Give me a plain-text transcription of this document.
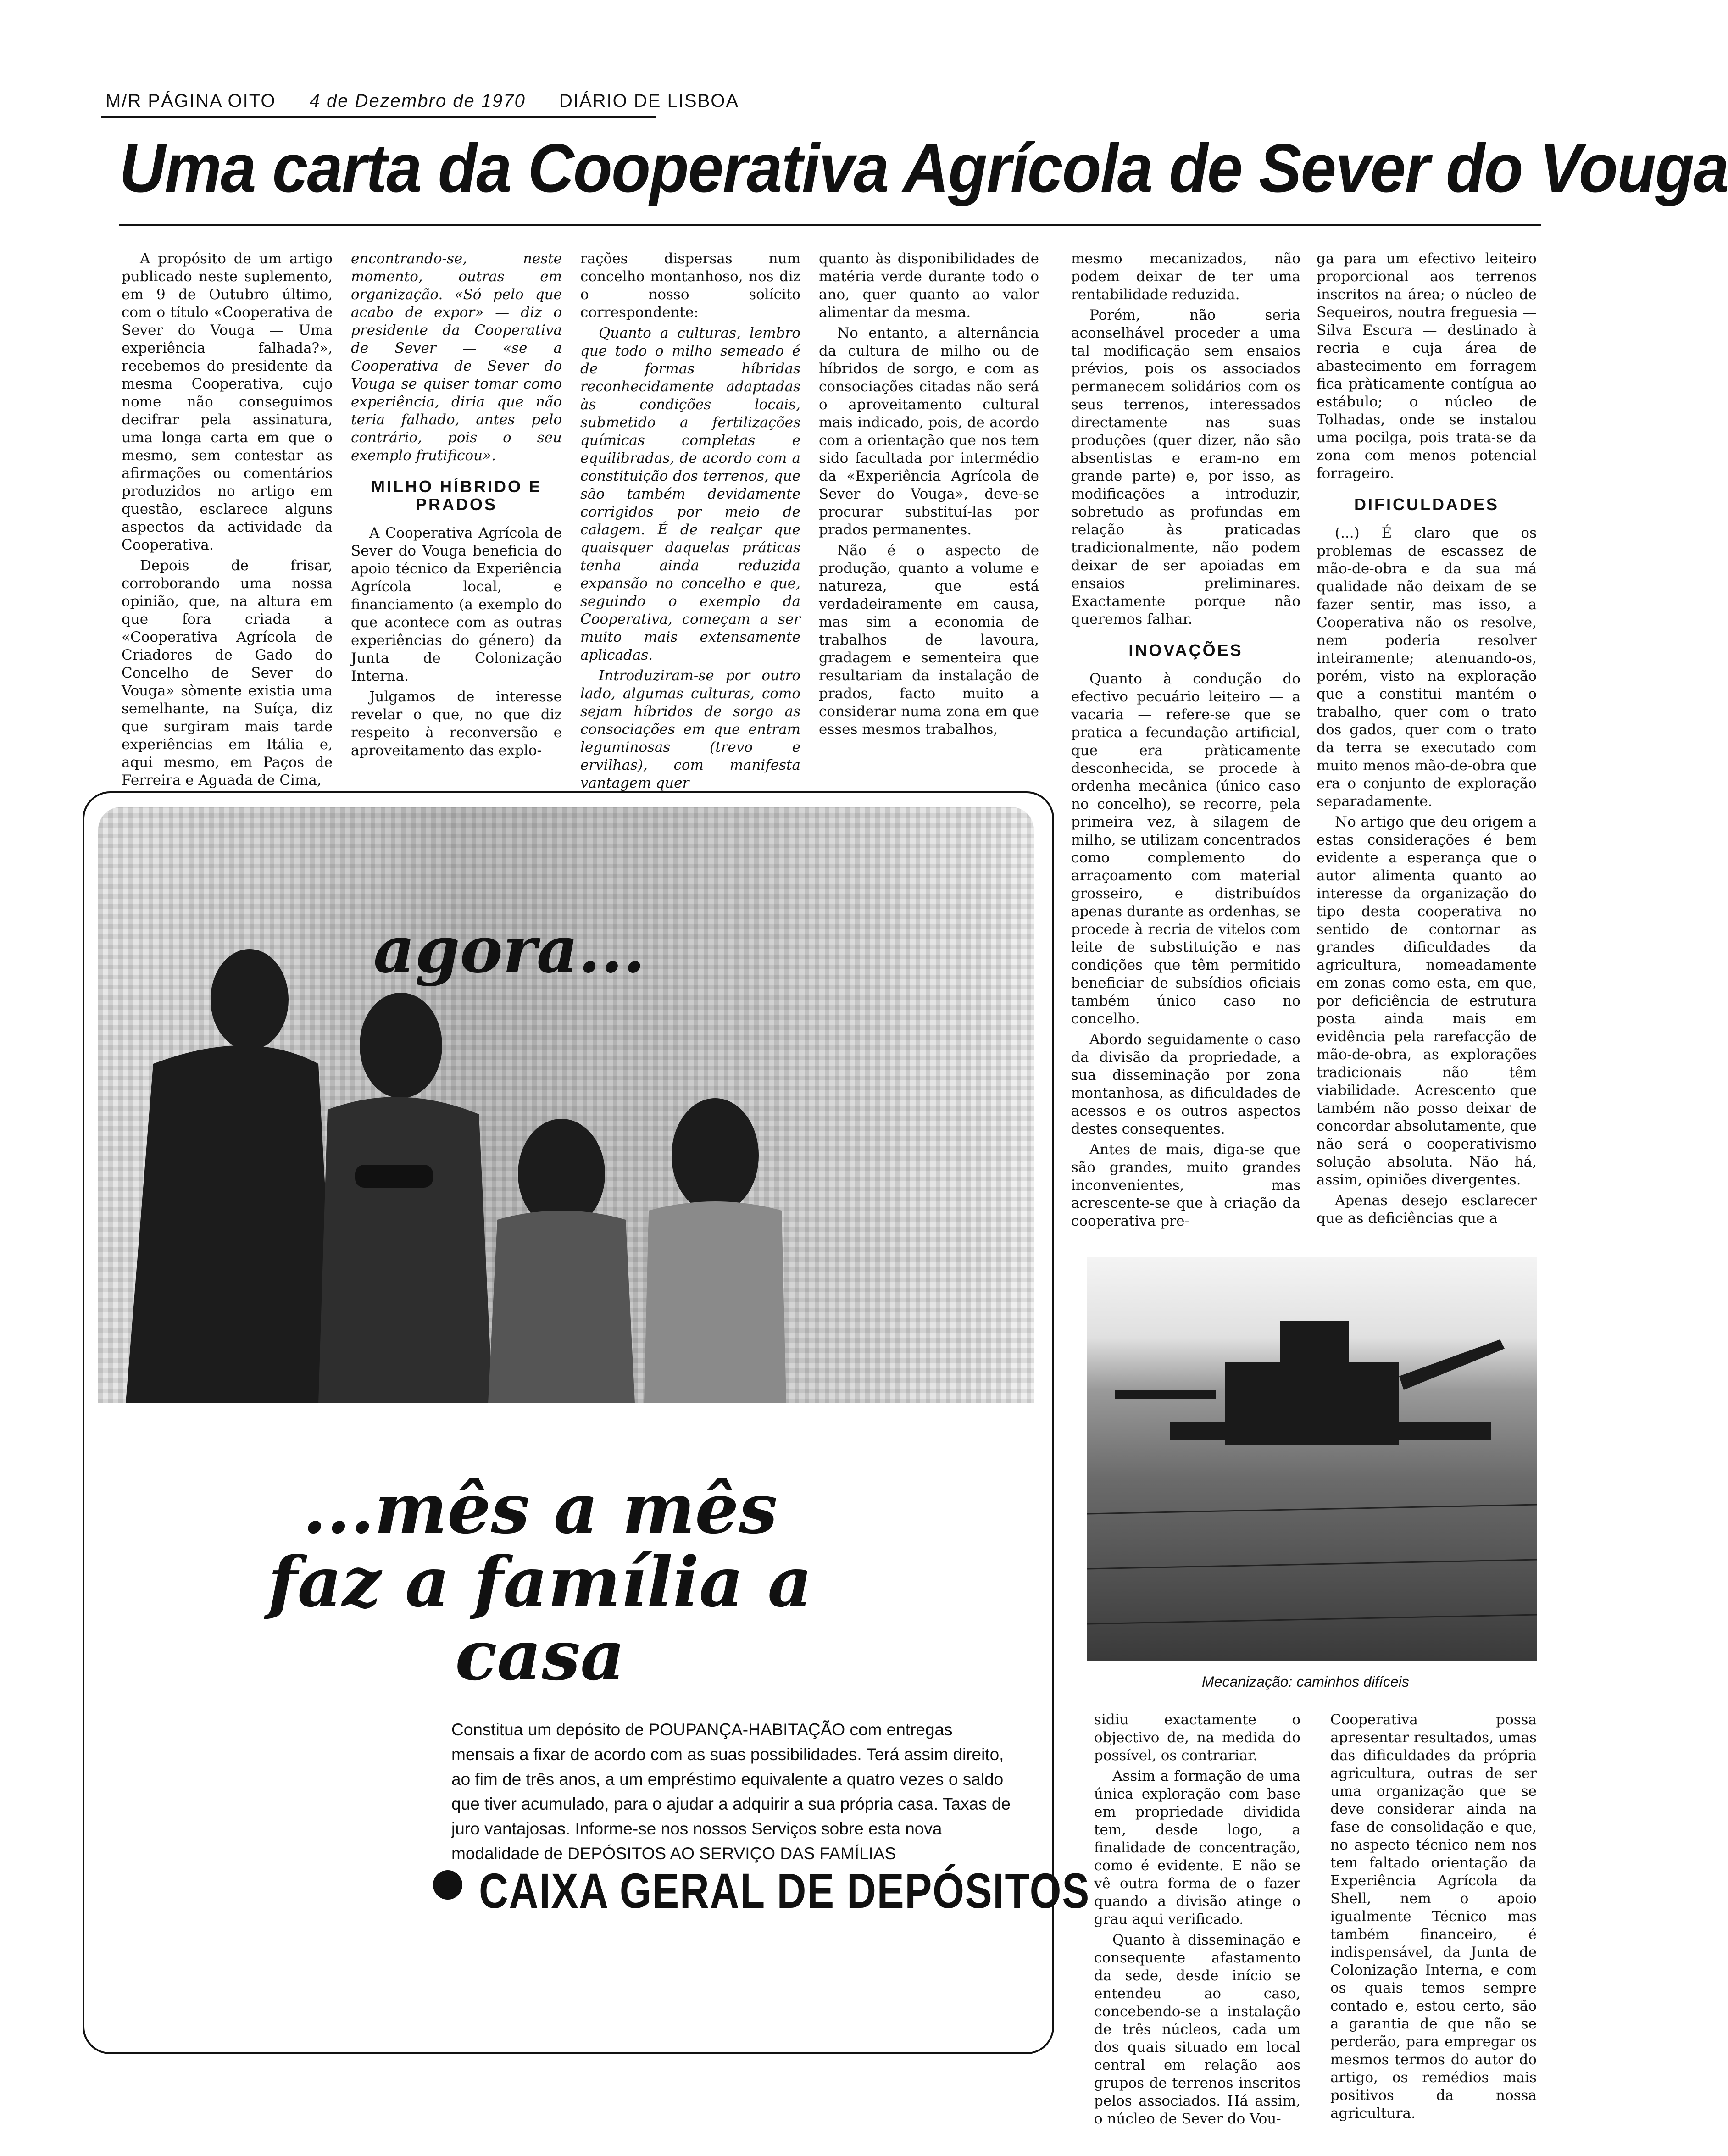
M/R PÁGINA OITO 4 de Dezembro de 1970 DIÁRIO DE LISBOA
Uma carta da Cooperativa Agrícola de Sever do Vouga

A propósito de um artigo publicado neste suplemento, em 9 de Outubro último, com o título «Cooperativa de Sever do Vouga — Uma experiência falhada?», recebemos do presidente da mesma Cooperativa, cujo nome não conseguimos decifrar pela assinatura, uma longa carta em que o mesmo, sem contestar as afirmações ou comentários produzidos no artigo em questão, esclarece alguns aspectos da actividade da Cooperativa.

Depois de frisar, corroborando uma nossa opinião, que, na altura em que fora criada a «Cooperativa Agrícola de Criadores de Gado do Concelho de Sever do Vouga» sòmente existia uma semelhante, na Suíça, diz que surgiram mais tarde experiências em Itália e, aqui mesmo, em Paços de Ferreira e Aguada de Cima,

encontrando-se, neste momento, outras em organização. «Só pelo que acabo de expor» — diz o presidente da Cooperativa de Sever — «se a Cooperativa de Sever do Vouga se quiser tomar como experiência, diria que não teria falhado, antes pelo contrário, pois o seu exemplo frutificou».

MILHO HÍBRIDO E PRADOS

A Cooperativa Agrícola de Sever do Vouga beneficia do apoio técnico da Experiência Agrícola local, e financiamento (a exemplo do que acontece com as outras experiências do género) da Junta de Colonização Interna.

Julgamos de interesse revelar o que, no que diz respeito à reconversão e aproveitamento das explo-

rações dispersas num concelho montanhoso, nos diz o nosso solícito correspondente:

Quanto a culturas, lembro que todo o milho semeado é de formas híbridas reconhecidamente adaptadas às condições locais, submetido a fertilizações químicas completas e equilibradas, de acordo com a constituição dos terrenos, que são também devidamente corrigidos por meio de calagem. É de realçar que quaisquer daquelas práticas tenha ainda reduzida expansão no concelho e que, seguindo o exemplo da Cooperativa, começam a ser muito mais extensamente aplicadas.

Introduziram-se por outro lado, algumas culturas, como sejam híbridos de sorgo as consociações em que entram leguminosas (trevo e ervilhas), com manifesta vantagem quer

quanto às disponibilidades de matéria verde durante todo o ano, quer quanto ao valor alimentar da mesma.

No entanto, a alternância da cultura de milho ou de híbridos de sorgo, e com as consociações citadas não será o aproveitamento cultural mais indicado, pois, de acordo com a orientação que nos tem sido facultada por intermédio da «Experiência Agrícola de Sever do Vouga», deve-se procurar substituí-las por prados permanentes.

Não é o aspecto de produção, quanto a volume e natureza, que está verdadeiramente em causa, mas sim a economia de trabalhos de lavoura, gradagem e sementeira que resultariam da instalação de prados, facto muito a considerar numa zona em que esses mesmos trabalhos,

mesmo mecanizados, não podem deixar de ter uma rentabilidade reduzida.

Porém, não seria aconselhável proceder a uma tal modificação sem ensaios prévios, pois os associados permanecem solidários com os seus terrenos, interessados directamente nas suas produções (quer dizer, não são absentistas e eram-no em grande parte) e, por isso, as modificações a introduzir, sobretudo as profundas em relação às praticadas tradicionalmente, não podem deixar de ser apoiadas em ensaios preliminares. Exactamente porque não queremos falhar.

INOVAÇÕES

Quanto à condução do efectivo pecuário leiteiro — a vacaria — refere-se que se pratica a fecundação artificial, que era pràticamente desconhecida, se procede à ordenha mecânica (único caso no concelho), se recorre, pela primeira vez, à silagem de milho, se utilizam concentrados como complemento do arraçoamento com material grosseiro, e distribuídos apenas durante as ordenhas, se procede à recria de vitelos com leite de substituição e nas condições que têm permitido beneficiar de subsídios oficiais também único caso no concelho.

Abordo seguidamente o caso da divisão da propriedade, a sua disseminação por zona montanhosa, as dificuldades de acessos e os outros aspectos destes consequentes.

Antes de mais, diga-se que são grandes, muito grandes inconvenientes, mas acrescente-se que à criação da cooperativa pre-

ga para um efectivo leiteiro proporcional aos terrenos inscritos na área; o núcleo de Sequeiros, noutra freguesia — Silva Escura — destinado à recria e cuja área de abastecimento em forragem fica pràticamente contígua ao estábulo; o núcleo de Tolhadas, onde se instalou uma pocilga, pois trata-se da zona com menos potencial forrageiro.

DIFICULDADES

(...) É claro que os problemas de escassez de mão-de-obra e da sua má qualidade não deixam de se fazer sentir, mas isso, a Cooperativa não os resolve, nem poderia resolver inteiramente; atenuando-os, porém, visto na exploração que a constitui mantém o trabalho, quer com o trato dos gados, quer com o trato da terra se executado com muito menos mão-de-obra que era o conjunto de exploração separadamente.

No artigo que deu origem a estas considerações é bem evidente a esperança que o autor alimenta quanto ao interesse da organização do tipo desta cooperativa no sentido de contornar as grandes dificuldades da agricultura, nomeadamente em zonas como esta, em que, por deficiência de estrutura posta ainda mais em evidência pela rarefacção de mão-de-obra, as explorações tradicionais não têm viabilidade. Acrescento que também não posso deixar de concordar absolutamente, que não será o cooperativismo solução absoluta. Não há, assim, opiniões divergentes.

Apenas desejo esclarecer que as deficiências que a

agora...
...mês a mês
faz a família a
casa
Constitua um depósito de POUPANÇA-HABITAÇÃO com entregas mensais a fixar de acordo com as suas possibilidades. Terá assim direito, ao fim de três anos, a um empréstimo equivalente a quatro vezes o saldo que tiver acumulado, para o ajudar a adquirir a sua própria casa. Taxas de juro vantajosas. Informe-se nos nossos Serviços sobre esta nova modalidade de DEPÓSITOS AO SERVIÇO DAS FAMÍLIAS
CAIXA GERAL DE DEPÓSITOS
Mecanização: caminhos difíceis

sidiu exactamente o objectivo de, na medida do possível, os contrariar.

Assim a formação de uma única exploração com base em propriedade dividida tem, desde logo, a finalidade de concentração, como é evidente. E não se vê outra forma de o fazer quando a divisão atinge o grau aqui verificado.

Quanto à disseminação e consequente afastamento da sede, desde início se entendeu ao caso, concebendo-se a instalação de três núcleos, cada um dos quais situado em local central em relação aos grupos de terrenos inscritos pelos associados. Há assim, o núcleo de Sever do Vou-

Cooperativa possa apresentar resultados, umas das dificuldades da própria agricultura, outras de ser uma organização que se deve considerar ainda na fase de consolidação e que, no aspecto técnico nem nos tem faltado orientação da Experiência Agrícola da Shell, nem o apoio igualmente Técnico mas também financeiro, é indispensável, da Junta de Colonização Interna, e com os quais temos sempre contado e, estou certo, são a garantia de que não se perderão, para empregar os mesmos termos do autor do artigo, os remédios mais positivos da nossa agricultura.
